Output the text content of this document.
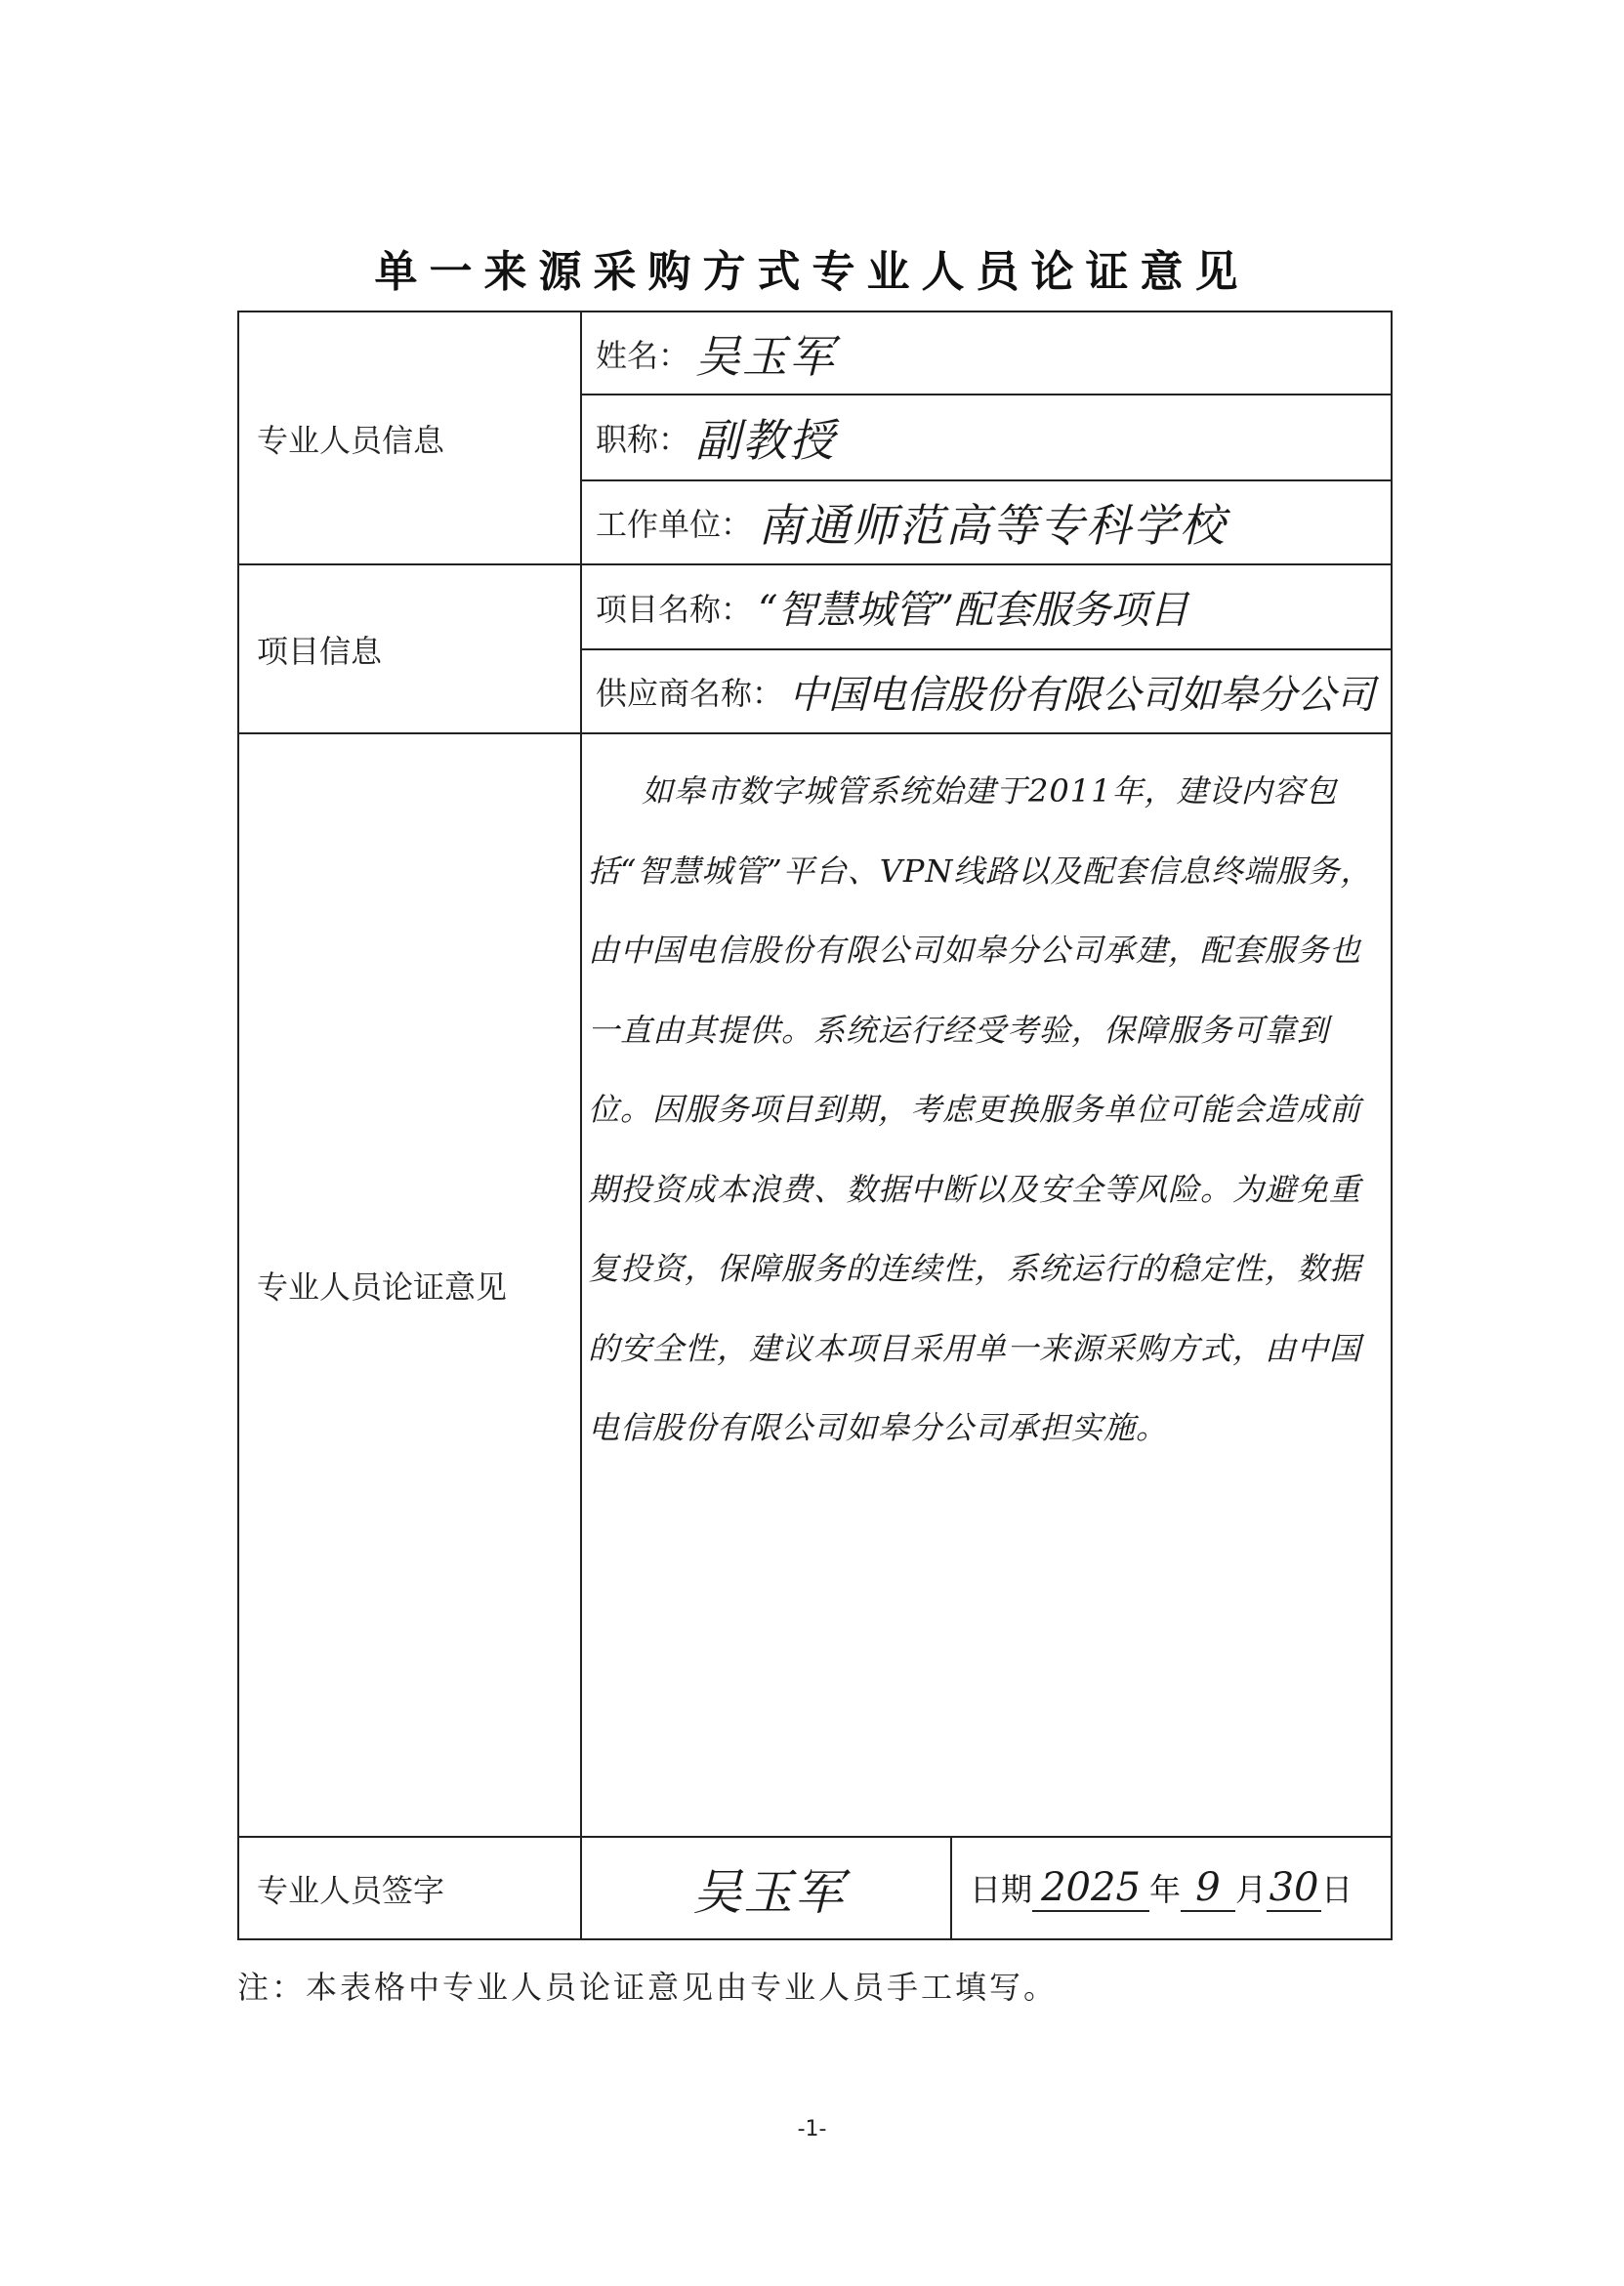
单一来源采购方式专业人员论证意见
专业人员信息	姓名： 吴玉军	

	职称： 副教授	

	工作单位： 南通师范高等专科学校	

项目信息	项目名称： “智慧城管”配套服务项目	

	供应商名称： 中国电信股份有限公司如皋分公司	

专业人员论证意见	如皋市数字城管系统始建于2011年，建设内容包括“智慧城管”平台、VPN线路以及配套信息终端服务，由中国电信股份有限公司如皋分公司承建，配套服务也一直由其提供。系统运行经受考验，保障服务可靠到位。因服务项目到期，考虑更换服务单位可能会造成前期投资成本浪费、数据中断以及安全等风险。为避免重复投资，保障服务的连续性，系统运行的稳定性，数据的安全性，建议本项目采用单一来源采购方式，由中国电信股份有限公司如皋分公司承担实施。	

专业人员签字	吴玉军	日期 2025 年 9 月30日
注：本表格中专业人员论证意见由专业人员手工填写。
-1-
